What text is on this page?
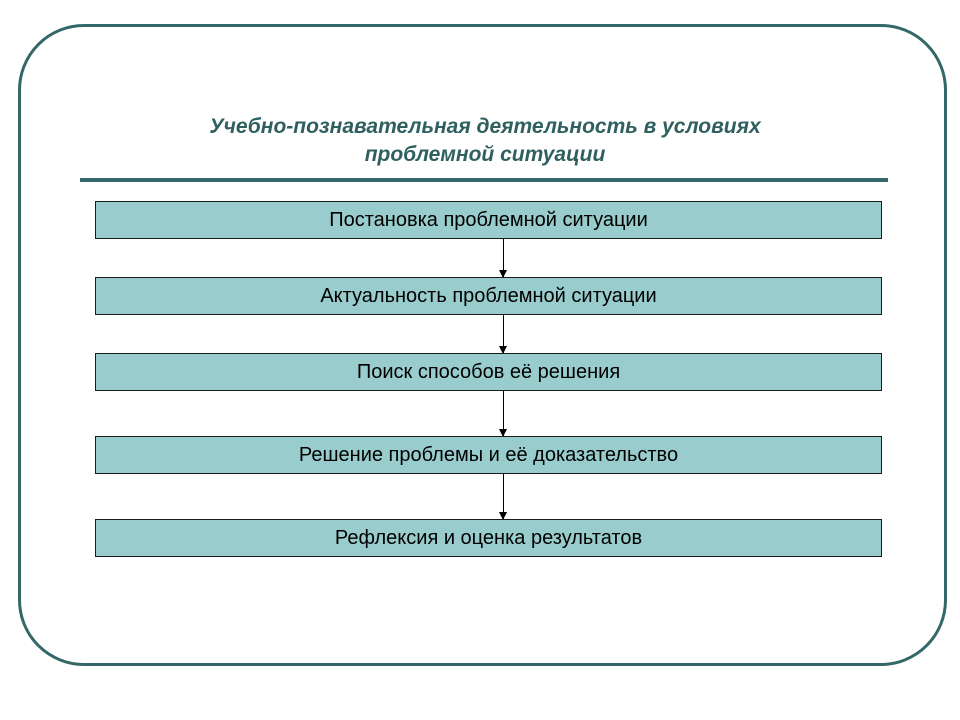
Учебно-познавательная деятельность в условиях
проблемной ситуации
Постановка проблемной ситуации
Актуальность проблемной ситуации
Поиск способов её решения
Решение проблемы и её доказательство
Рефлексия и оценка результатов
